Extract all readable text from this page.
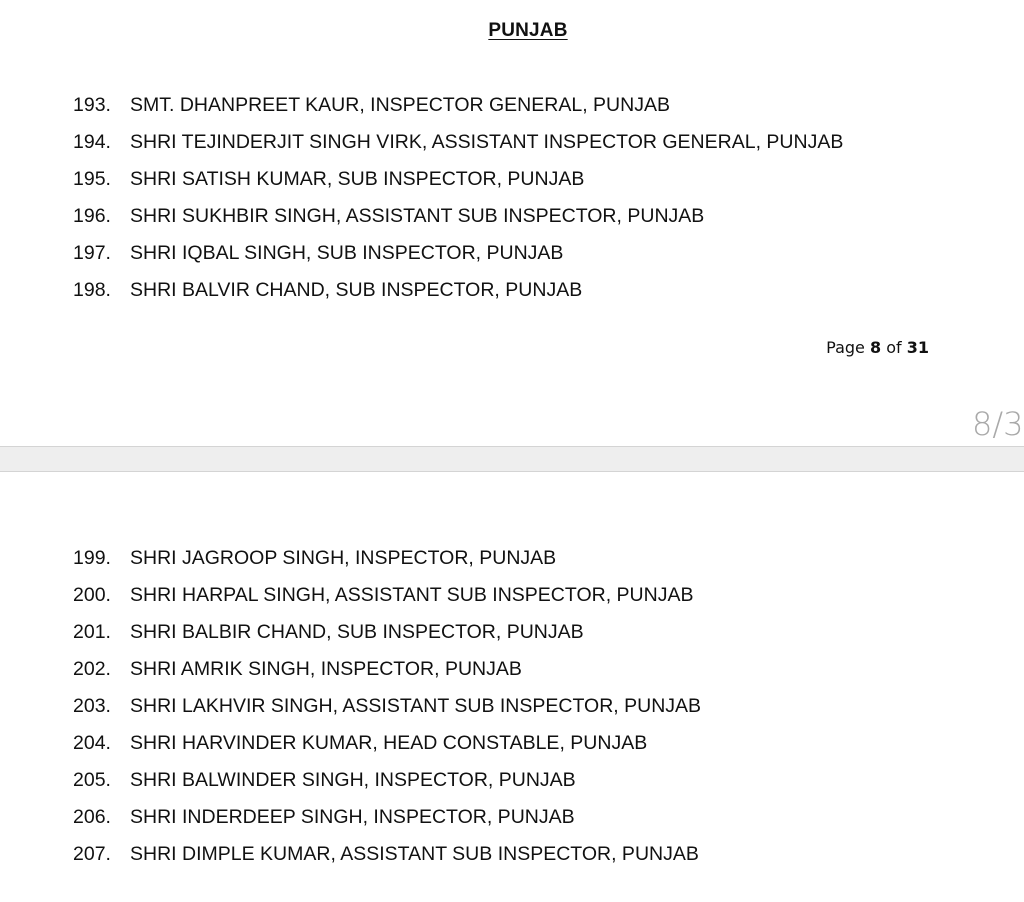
PUNJAB
193. SMT. DHANPREET KAUR, INSPECTOR GENERAL, PUNJAB
194. SHRI TEJINDERJIT SINGH VIRK, ASSISTANT INSPECTOR GENERAL, PUNJAB
195. SHRI SATISH KUMAR, SUB INSPECTOR, PUNJAB
196. SHRI SUKHBIR SINGH, ASSISTANT SUB INSPECTOR, PUNJAB
197. SHRI IQBAL SINGH, SUB INSPECTOR, PUNJAB
198. SHRI BALVIR CHAND, SUB INSPECTOR, PUNJAB
Page 8 of 31
8/3
199. SHRI JAGROOP SINGH, INSPECTOR, PUNJAB
200. SHRI HARPAL SINGH, ASSISTANT SUB INSPECTOR, PUNJAB
201. SHRI BALBIR CHAND, SUB INSPECTOR, PUNJAB
202. SHRI AMRIK SINGH, INSPECTOR, PUNJAB
203. SHRI LAKHVIR SINGH, ASSISTANT SUB INSPECTOR, PUNJAB
204. SHRI HARVINDER KUMAR, HEAD CONSTABLE, PUNJAB
205. SHRI BALWINDER SINGH, INSPECTOR, PUNJAB
206. SHRI INDERDEEP SINGH, INSPECTOR, PUNJAB
207. SHRI DIMPLE KUMAR, ASSISTANT SUB INSPECTOR, PUNJAB
